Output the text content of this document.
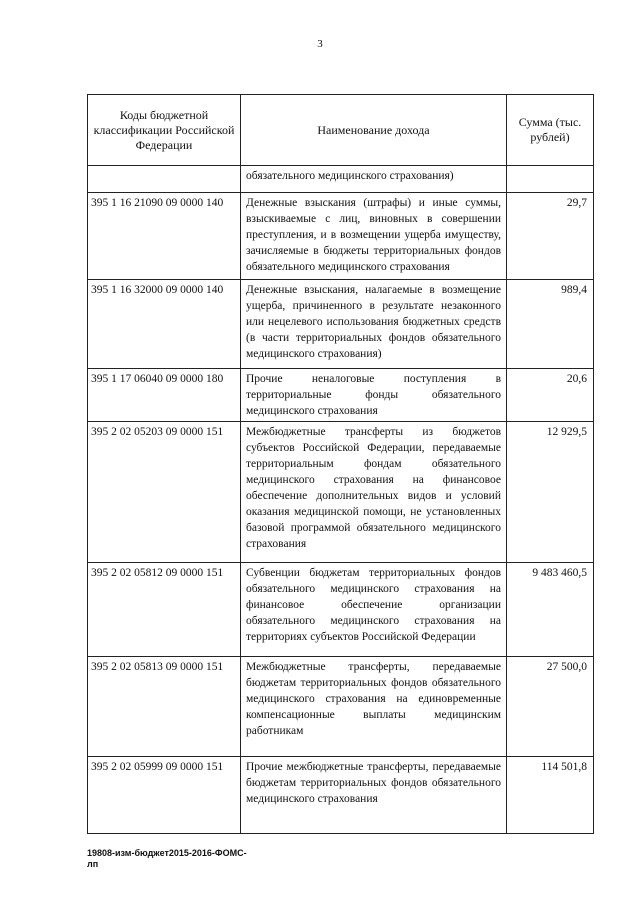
3
Коды бюджетной классификации Российской Федерации	Наименование дохода	Сумма (тыс. рублей)
	обязательного медицинского страхования)	
395 1 16 21090 09 0000 140	Денежные взыскания (штрафы) и иные суммы, взыскиваемые с лиц, виновных в совершении преступления, и в возмещении ущерба имуществу, зачисляемые в бюджеты территориальных фондов обязательного медицинского страхования	29,7
395 1 16 32000 09 0000 140	Денежные взыскания, налагаемые в возмещение ущерба, причиненного в результате незаконного или нецелевого использования бюджетных средств (в части территориальных фондов обязательного медицинского страхования)	989,4
395 1 17 06040 09 0000 180	Прочие неналоговые поступления в территориальные фонды обязательного медицинского страхования	20,6
395 2 02 05203 09 0000 151	Межбюджетные трансферты из бюджетов субъектов Российской Федерации, передаваемые территориальным фондам обязательного медицинского страхования на финансовое обеспечение дополнительных видов и условий оказания медицинской помощи, не установленных базовой программой обязательного медицинского страхования	12 929,5
395 2 02 05812 09 0000 151	Субвенции бюджетам территориальных фондов обязательного медицинского страхования на финансовое обеспечение организации обязательного медицинского страхования на территориях субъектов Российской Федерации	9 483 460,5
395 2 02 05813 09 0000 151	Межбюджетные трансферты, передаваемые бюджетам территориальных фондов обязательного медицинского страхования на единовременные компенсационные выплаты медицинским работникам	27 500,0
395 2 02 05999 09 0000 151	Прочие межбюджетные трансферты, передаваемые бюджетам территориальных фондов обязательного медицинского страхования	114 501,8
19808-изм-бюджет2015-2016-ФОМС-
лп
